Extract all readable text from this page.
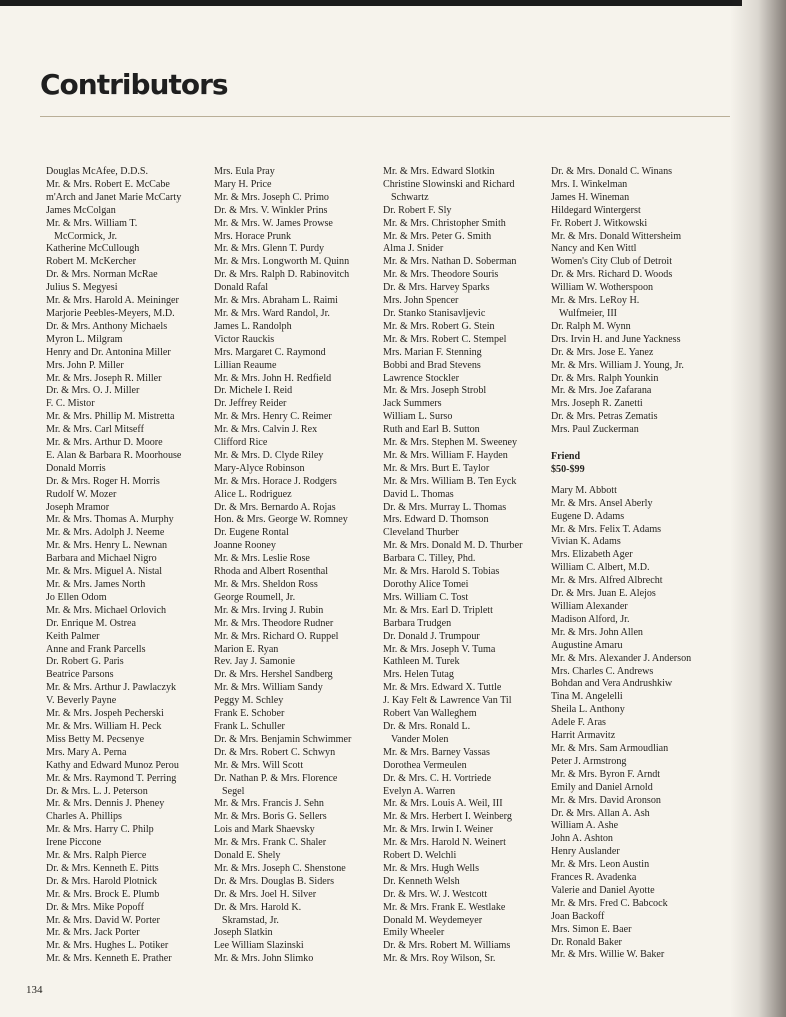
Contributors
Douglas McAfee, D.D.S.
Mr. & Mrs. Robert E. McCabe
m'Arch and Janet Marie McCarty
James McColgan
Mr. & Mrs. William T.
McCormick, Jr.
Katherine McCullough
Robert M. McKercher
Dr. & Mrs. Norman McRae
Julius S. Megyesi
Mr. & Mrs. Harold A. Meininger
Marjorie Peebles-Meyers, M.D.
Dr. & Mrs. Anthony Michaels
Myron L. Milgram
Henry and Dr. Antonina Miller
Mrs. John P. Miller
Mr. & Mrs. Joseph R. Miller
Dr. & Mrs. O. J. Miller
F. C. Mistor
Mr. & Mrs. Phillip M. Mistretta
Mr. & Mrs. Carl Mitseff
Mr. & Mrs. Arthur D. Moore
E. Alan & Barbara R. Moorhouse
Donald Morris
Dr. & Mrs. Roger H. Morris
Rudolf W. Mozer
Joseph Mramor
Mr. & Mrs. Thomas A. Murphy
Mr. & Mrs. Adolph J. Neeme
Mr. & Mrs. Henry L. Newnan
Barbara and Michael Nigro
Mr. & Mrs. Miguel A. Nistal
Mr. & Mrs. James North
Jo Ellen Odom
Mr. & Mrs. Michael Orlovich
Dr. Enrique M. Ostrea
Keith Palmer
Anne and Frank Parcells
Dr. Robert G. Paris
Beatrice Parsons
Mr. & Mrs. Arthur J. Pawlaczyk
V. Beverly Payne
Mr. & Mrs. Jospeh Pecherski
Mr. & Mrs. William H. Peck
Miss Betty M. Pecsenye
Mrs. Mary A. Perna
Kathy and Edward Munoz Perou
Mr. & Mrs. Raymond T. Perring
Dr. & Mrs. L. J. Peterson
Mr. & Mrs. Dennis J. Pheney
Charles A. Phillips
Mr. & Mrs. Harry C. Philp
Irene Piccone
Mr. & Mrs. Ralph Pierce
Dr. & Mrs. Kenneth E. Pitts
Dr. & Mrs. Harold Plotnick
Mr. & Mrs. Brock E. Plumb
Dr. & Mrs. Mike Popoff
Mr. & Mrs. David W. Porter
Mr. & Mrs. Jack Porter
Mr. & Mrs. Hughes L. Potiker
Mr. & Mrs. Kenneth E. Prather
Mrs. Eula Pray
Mary H. Price
Mr. & Mrs. Joseph C. Primo
Dr. & Mrs. V. Winkler Prins
Mr. & Mrs. W. James Prowse
Mrs. Horace Prunk
Mr. & Mrs. Glenn T. Purdy
Mr. & Mrs. Longworth M. Quinn
Dr. & Mrs. Ralph D. Rabinovitch
Donald Rafal
Mr. & Mrs. Abraham L. Raimi
Mr. & Mrs. Ward Randol, Jr.
James L. Randolph
Victor Rauckis
Mrs. Margaret C. Raymond
Lillian Reaume
Mr. & Mrs. John H. Redfield
Dr. Michele I. Reid
Dr. Jeffrey Reider
Mr. & Mrs. Henry C. Reimer
Mr. & Mrs. Calvin J. Rex
Clifford Rice
Mr. & Mrs. D. Clyde Riley
Mary-Alyce Robinson
Mr. & Mrs. Horace J. Rodgers
Alice L. Rodriguez
Dr. & Mrs. Bernardo A. Rojas
Hon. & Mrs. George W. Romney
Dr. Eugene Rontal
Joanne Rooney
Mr. & Mrs. Leslie Rose
Rhoda and Albert Rosenthal
Mr. & Mrs. Sheldon Ross
George Roumell, Jr.
Mr. & Mrs. Irving J. Rubin
Mr. & Mrs. Theodore Rudner
Mr. & Mrs. Richard O. Ruppel
Marion E. Ryan
Rev. Jay J. Samonie
Dr. & Mrs. Hershel Sandberg
Mr. & Mrs. William Sandy
Peggy M. Schley
Frank E. Schober
Frank L. Schuller
Dr. & Mrs. Benjamin Schwimmer
Dr. & Mrs. Robert C. Schwyn
Mr. & Mrs. Will Scott
Dr. Nathan P. & Mrs. Florence
Segel
Mr. & Mrs. Francis J. Sehn
Mr. & Mrs. Boris G. Sellers
Lois and Mark Shaevsky
Mr. & Mrs. Frank C. Shaler
Donald E. Shely
Mr. & Mrs. Joseph C. Shenstone
Dr. & Mrs. Douglas B. Siders
Dr. & Mrs. Joel H. Silver
Dr. & Mrs. Harold K.
Skramstad, Jr.
Joseph Slatkin
Lee William Slazinski
Mr. & Mrs. John Slimko
Mr. & Mrs. Edward Slotkin
Christine Slowinski and Richard
Schwartz
Dr. Robert F. Sly
Mr. & Mrs. Christopher Smith
Mr. & Mrs. Peter G. Smith
Alma J. Snider
Mr. & Mrs. Nathan D. Soberman
Mr. & Mrs. Theodore Souris
Dr. & Mrs. Harvey Sparks
Mrs. John Spencer
Dr. Stanko Stanisavljevic
Mr. & Mrs. Robert G. Stein
Mr. & Mrs. Robert C. Stempel
Mrs. Marian F. Stenning
Bobbi and Brad Stevens
Lawrence Stockler
Mr. & Mrs. Joseph Strobl
Jack Summers
William L. Surso
Ruth and Earl B. Sutton
Mr. & Mrs. Stephen M. Sweeney
Mr. & Mrs. William F. Hayden
Mr. & Mrs. Burt E. Taylor
Mr. & Mrs. William B. Ten Eyck
David L. Thomas
Dr. & Mrs. Murray L. Thomas
Mrs. Edward D. Thomson
Cleveland Thurber
Mr. & Mrs. Donald M. D. Thurber
Barbara C. Tilley, Phd.
Mr. & Mrs. Harold S. Tobias
Dorothy Alice Tomei
Mrs. William C. Tost
Mr. & Mrs. Earl D. Triplett
Barbara Trudgen
Dr. Donald J. Trumpour
Mr. & Mrs. Joseph V. Tuma
Kathleen M. Turek
Mrs. Helen Tutag
Mr. & Mrs. Edward X. Tuttle
J. Kay Felt & Lawrence Van Til
Robert Van Walleghem
Dr. & Mrs. Ronald L.
Vander Molen
Mr. & Mrs. Barney Vassas
Dorothea Vermeulen
Dr. & Mrs. C. H. Vortriede
Evelyn A. Warren
Mr. & Mrs. Louis A. Weil, III
Mr. & Mrs. Herbert I. Weinberg
Mr. & Mrs. Irwin I. Weiner
Mr. & Mrs. Harold N. Weinert
Robert D. Welchli
Mr. & Mrs. Hugh Wells
Dr. Kenneth Welsh
Dr. & Mrs. W. J. Westcott
Mr. & Mrs. Frank E. Westlake
Donald M. Weydemeyer
Emily Wheeler
Dr. & Mrs. Robert M. Williams
Mr. & Mrs. Roy Wilson, Sr.
Dr. & Mrs. Donald C. Winans
Mrs. I. Winkelman
James H. Wineman
Hildegard Wintergerst
Fr. Robert J. Witkowski
Mr. & Mrs. Donald Wittersheim
Nancy and Ken Wittl
Women's City Club of Detroit
Dr. & Mrs. Richard D. Woods
William W. Wotherspoon
Mr. & Mrs. LeRoy H.
Wulfmeier, III
Dr. Ralph M. Wynn
Drs. Irvin H. and June Yackness
Dr. & Mrs. Jose E. Yanez
Mr. & Mrs. William J. Young, Jr.
Dr. & Mrs. Ralph Younkin
Mr. & Mrs. Joe Zafarana
Mrs. Joseph R. Zanetti
Dr. & Mrs. Petras Zematis
Mrs. Paul Zuckerman
Friend
$50-$99
Mary M. Abbott
Mr. & Mrs. Ansel Aberly
Eugene D. Adams
Mr. & Mrs. Felix T. Adams
Vivian K. Adams
Mrs. Elizabeth Ager
William C. Albert, M.D.
Mr. & Mrs. Alfred Albrecht
Dr. & Mrs. Juan E. Alejos
William Alexander
Madison Alford, Jr.
Mr. & Mrs. John Allen
Augustine Amaru
Mr. & Mrs. Alexander J. Anderson
Mrs. Charles C. Andrews
Bohdan and Vera Andrushkiw
Tina M. Angelelli
Sheila L. Anthony
Adele F. Aras
Harrit Armavitz
Mr. & Mrs. Sam Armoudlian
Peter J. Armstrong
Mr. & Mrs. Byron F. Arndt
Emily and Daniel Arnold
Mr. & Mrs. David Aronson
Dr. & Mrs. Allan A. Ash
William A. Ashe
John A. Ashton
Henry Auslander
Mr. & Mrs. Leon Austin
Frances R. Avadenka
Valerie and Daniel Ayotte
Mr. & Mrs. Fred C. Babcock
Joan Backoff
Mrs. Simon E. Baer
Dr. Ronald Baker
Mr. & Mrs. Willie W. Baker
134
